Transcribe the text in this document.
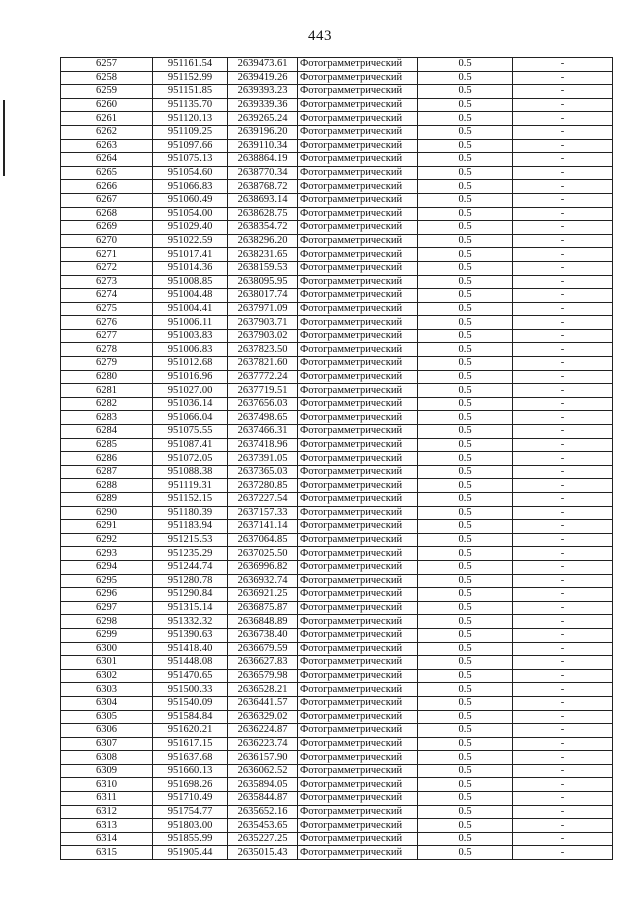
443
6257	951161.54	2639473.61	Фотограмметрический	0.5	-
6258	951152.99	2639419.26	Фотограмметрический	0.5	-
6259	951151.85	2639393.23	Фотограмметрический	0.5	-
6260	951135.70	2639339.36	Фотограмметрический	0.5	-
6261	951120.13	2639265.24	Фотограмметрический	0.5	-
6262	951109.25	2639196.20	Фотограмметрический	0.5	-
6263	951097.66	2639110.34	Фотограмметрический	0.5	-
6264	951075.13	2638864.19	Фотограмметрический	0.5	-
6265	951054.60	2638770.34	Фотограмметрический	0.5	-
6266	951066.83	2638768.72	Фотограмметрический	0.5	-
6267	951060.49	2638693.14	Фотограмметрический	0.5	-
6268	951054.00	2638628.75	Фотограмметрический	0.5	-
6269	951029.40	2638354.72	Фотограмметрический	0.5	-
6270	951022.59	2638296.20	Фотограмметрический	0.5	-
6271	951017.41	2638231.65	Фотограмметрический	0.5	-
6272	951014.36	2638159.53	Фотограмметрический	0.5	-
6273	951008.85	2638095.95	Фотограмметрический	0.5	-
6274	951004.48	2638017.74	Фотограмметрический	0.5	-
6275	951004.41	2637971.09	Фотограмметрический	0.5	-
6276	951006.11	2637903.71	Фотограмметрический	0.5	-
6277	951003.83	2637903.02	Фотограмметрический	0.5	-
6278	951006.83	2637823.50	Фотограмметрический	0.5	-
6279	951012.68	2637821.60	Фотограмметрический	0.5	-
6280	951016.96	2637772.24	Фотограмметрический	0.5	-
6281	951027.00	2637719.51	Фотограмметрический	0.5	-
6282	951036.14	2637656.03	Фотограмметрический	0.5	-
6283	951066.04	2637498.65	Фотограмметрический	0.5	-
6284	951075.55	2637466.31	Фотограмметрический	0.5	-
6285	951087.41	2637418.96	Фотограмметрический	0.5	-
6286	951072.05	2637391.05	Фотограмметрический	0.5	-
6287	951088.38	2637365.03	Фотограмметрический	0.5	-
6288	951119.31	2637280.85	Фотограмметрический	0.5	-
6289	951152.15	2637227.54	Фотограмметрический	0.5	-
6290	951180.39	2637157.33	Фотограмметрический	0.5	-
6291	951183.94	2637141.14	Фотограмметрический	0.5	-
6292	951215.53	2637064.85	Фотограмметрический	0.5	-
6293	951235.29	2637025.50	Фотограмметрический	0.5	-
6294	951244.74	2636996.82	Фотограмметрический	0.5	-
6295	951280.78	2636932.74	Фотограмметрический	0.5	-
6296	951290.84	2636921.25	Фотограмметрический	0.5	-
6297	951315.14	2636875.87	Фотограмметрический	0.5	-
6298	951332.32	2636848.89	Фотограмметрический	0.5	-
6299	951390.63	2636738.40	Фотограмметрический	0.5	-
6300	951418.40	2636679.59	Фотограмметрический	0.5	-
6301	951448.08	2636627.83	Фотограмметрический	0.5	-
6302	951470.65	2636579.98	Фотограмметрический	0.5	-
6303	951500.33	2636528.21	Фотограмметрический	0.5	-
6304	951540.09	2636441.57	Фотограмметрический	0.5	-
6305	951584.84	2636329.02	Фотограмметрический	0.5	-
6306	951620.21	2636224.87	Фотограмметрический	0.5	-
6307	951617.15	2636223.74	Фотограмметрический	0.5	-
6308	951637.68	2636157.90	Фотограмметрический	0.5	-
6309	951660.13	2636062.52	Фотограмметрический	0.5	-
6310	951698.26	2635894.05	Фотограмметрический	0.5	-
6311	951710.49	2635844.87	Фотограмметрический	0.5	-
6312	951754.77	2635652.16	Фотограмметрический	0.5	-
6313	951803.00	2635453.65	Фотограмметрический	0.5	-
6314	951855.99	2635227.25	Фотограмметрический	0.5	-
6315	951905.44	2635015.43	Фотограмметрический	0.5	-
